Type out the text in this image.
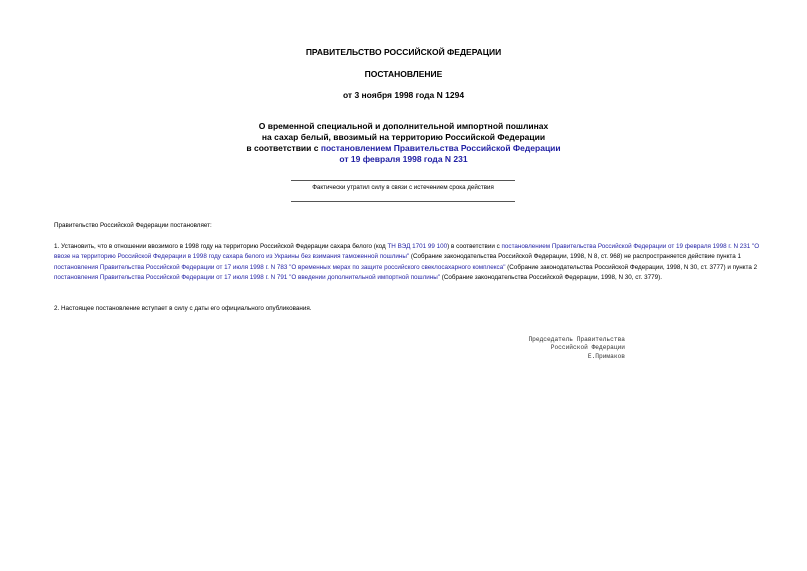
ПРАВИТЕЛЬСТВО РОССИЙСКОЙ ФЕДЕРАЦИИ
ПОСТАНОВЛЕНИЕ
от 3 ноября 1998 года N 1294
О временной специальной и дополнительной импортной пошлинах
на сахар белый, ввозимый на территорию Российской Федерации
в соответствии с постановлением Правительства Российской Федерации
от 19 февраля 1998 года N 231
Фактически утратил силу в связи с истечением срока действия
Правительство Российской Федерации постановляет:
1. Установить, что в отношении ввозимого в 1998 году на территорию Российской Федерации сахара белого (код ТН ВЭД 1701 99 100) в соответствии с постановлением Правительства Российской Федерации от 19 февраля 1998 г. N 231 "О ввозе на территорию Российской Федерации в 1998 году сахара белого из Украины без взимания таможенной пошлины" (Собрание законодательства Российской Федерации, 1998, N 8, ст. 968) не распространяется действие пункта 1 постановления Правительства Российской Федерации от 17 июля 1998 г. N 783 "О временных мерах по защите российского свеклосахарного комплекса" (Собрание законодательства Российской Федерации, 1998, N 30, ст. 3777) и пункта 2 постановления Правительства Российской Федерации от 17 июля 1998 г. N 791 "О введении дополнительной импортной пошлины" (Собрание законодательства Российской Федерации, 1998, N 30, ст. 3779).
2. Настоящее постановление вступает в силу с даты его официального опубликования.
Председатель Правительства
Российской Федерации
Е.Примаков
